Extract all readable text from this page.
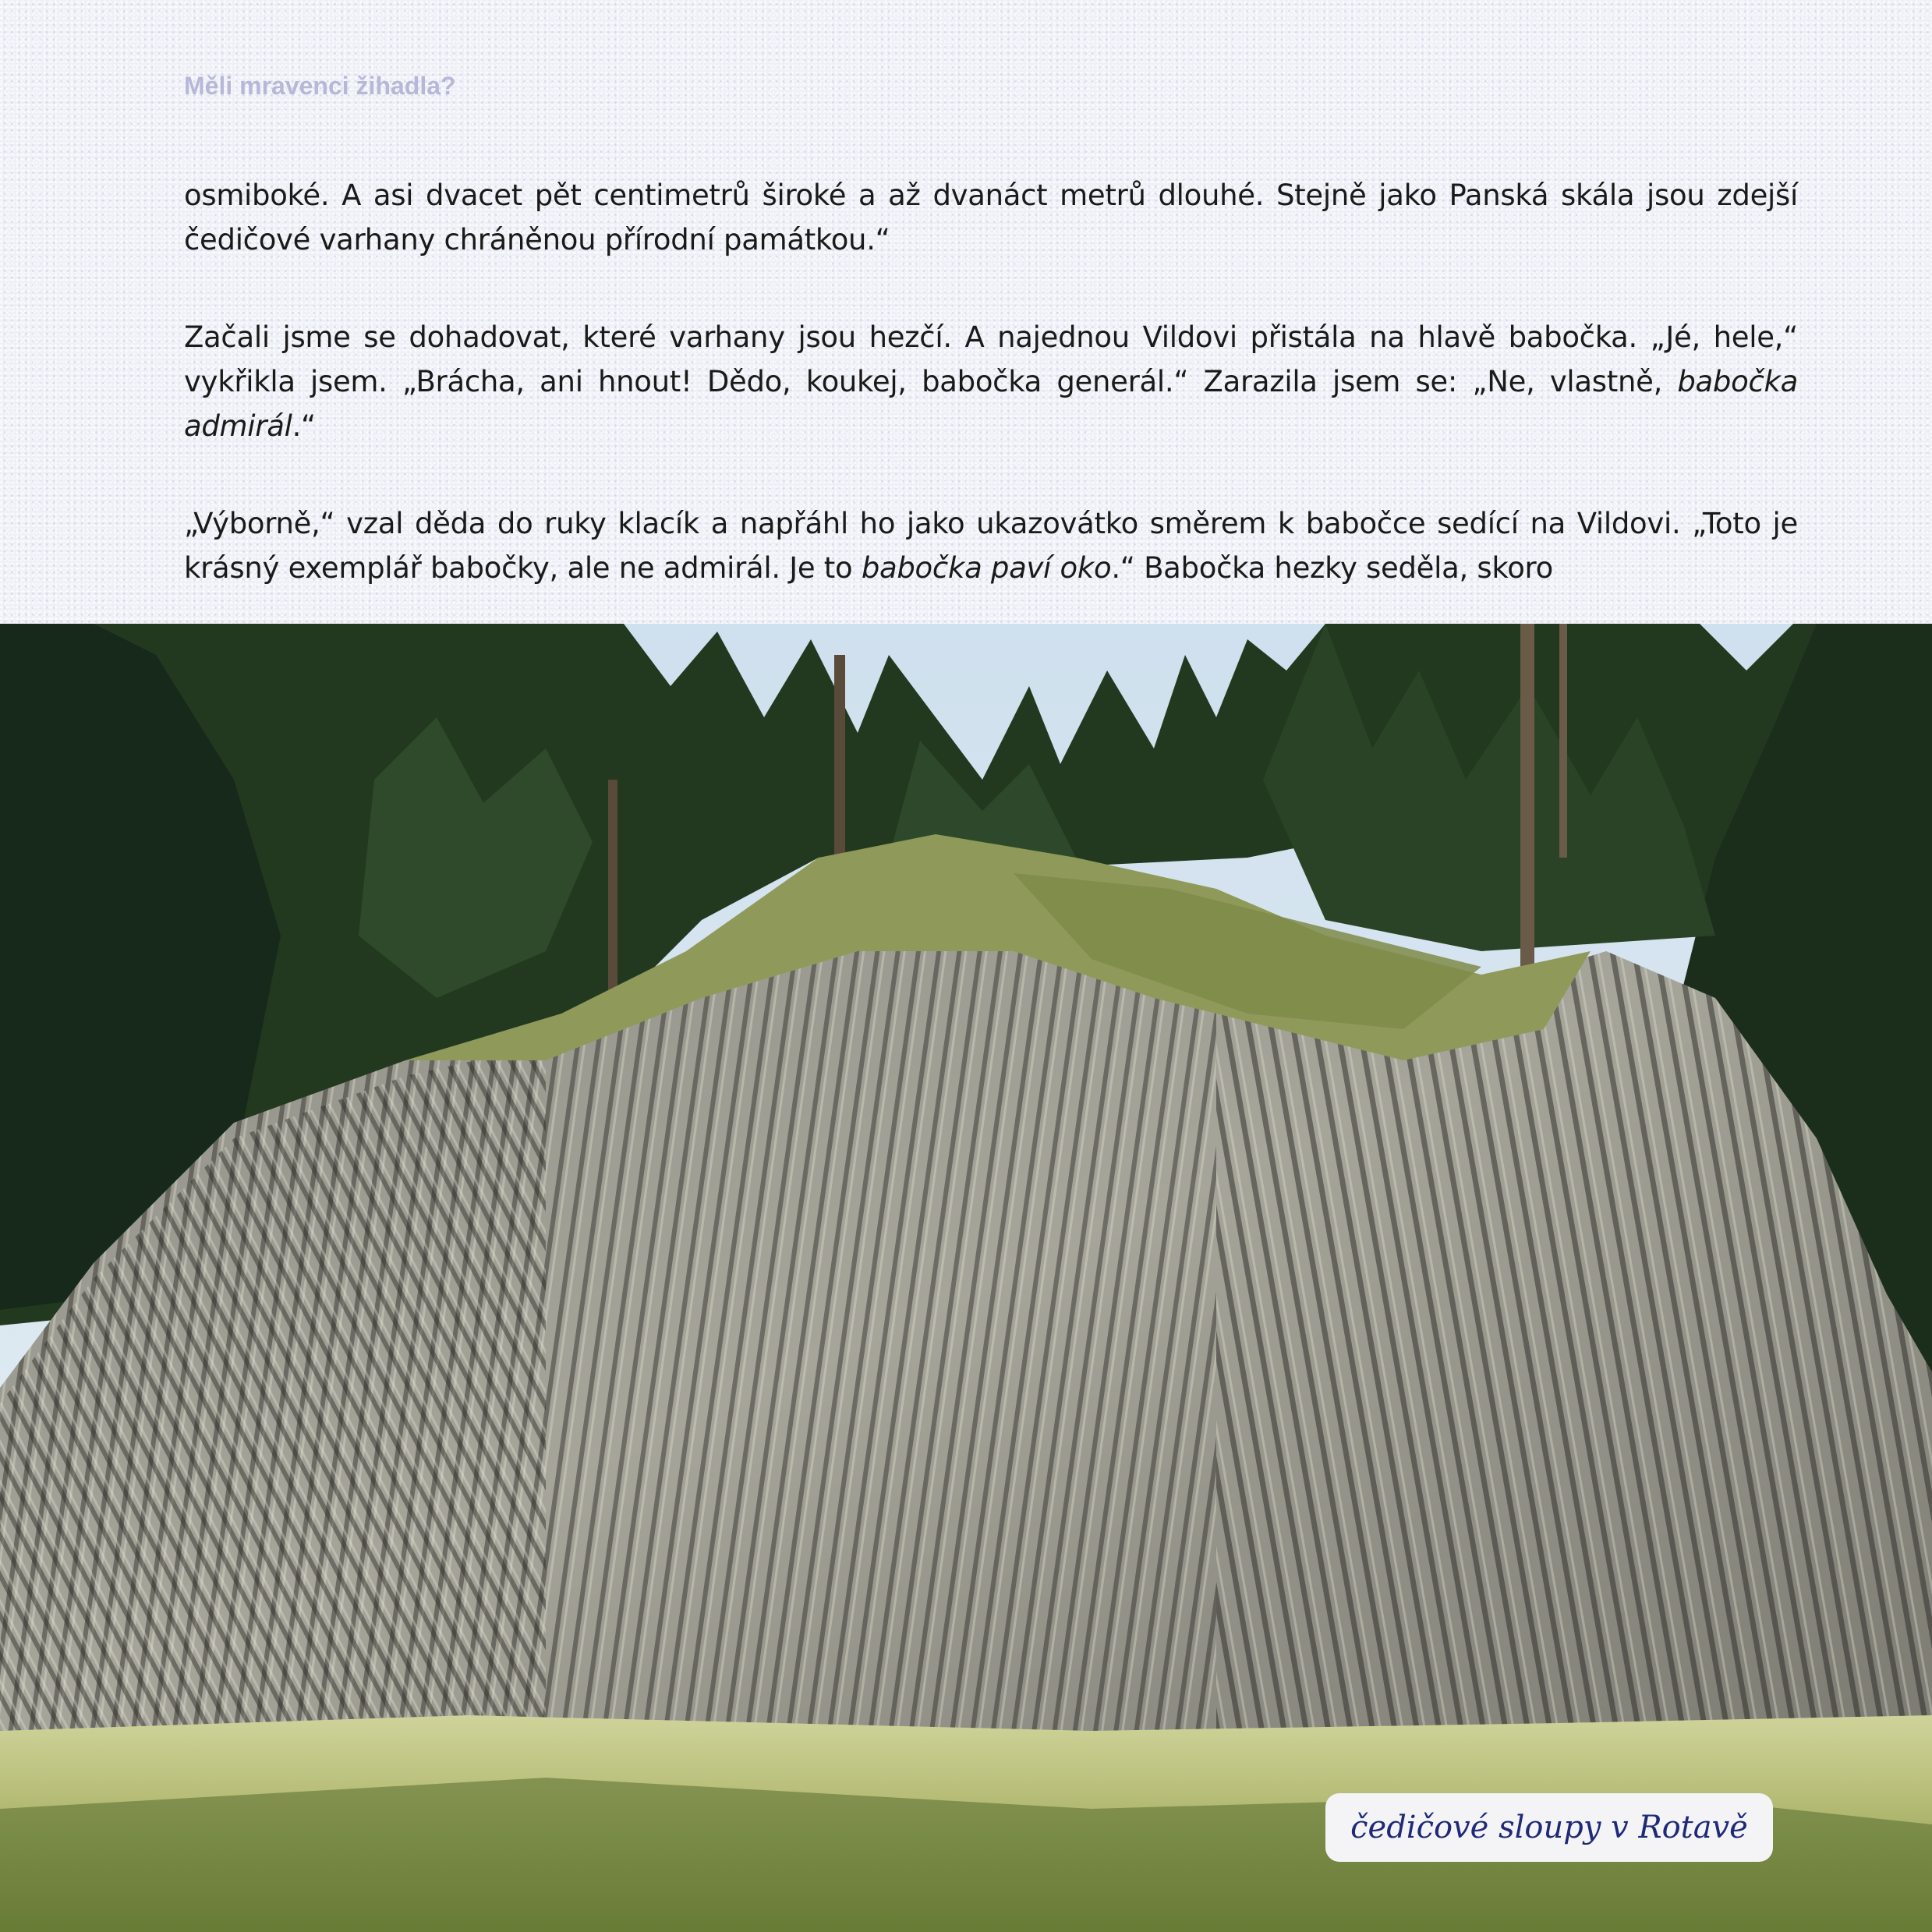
Měli mravenci žihadla?

osmiboké. A asi dvacet pět centimetrů široké a až dvanáct metrů dlouhé. Stejně jako Panská skála jsou zdejší čedičové varhany chráněnou přírodní památkou.“

Začali jsme se dohadovat, které varhany jsou hezčí. A najednou Vildovi přistála na hlavě babočka. „Jé, hele,“ vykřikla jsem. „Brácha, ani hnout! Dědo, koukej, babočka generál.“ Zarazila jsem se: „Ne, vlastně, babočka admirál.“

„Výborně,“ vzal děda do ruky klacík a napřáhl ho jako ukazovátko směrem k babočce sedící na Vildovi. „Toto je krásný exemplář babočky, ale ne admirál. Je to babočka paví oko.“ Babočka hezky seděla, skoro

čedičové sloupy v Rotavě
